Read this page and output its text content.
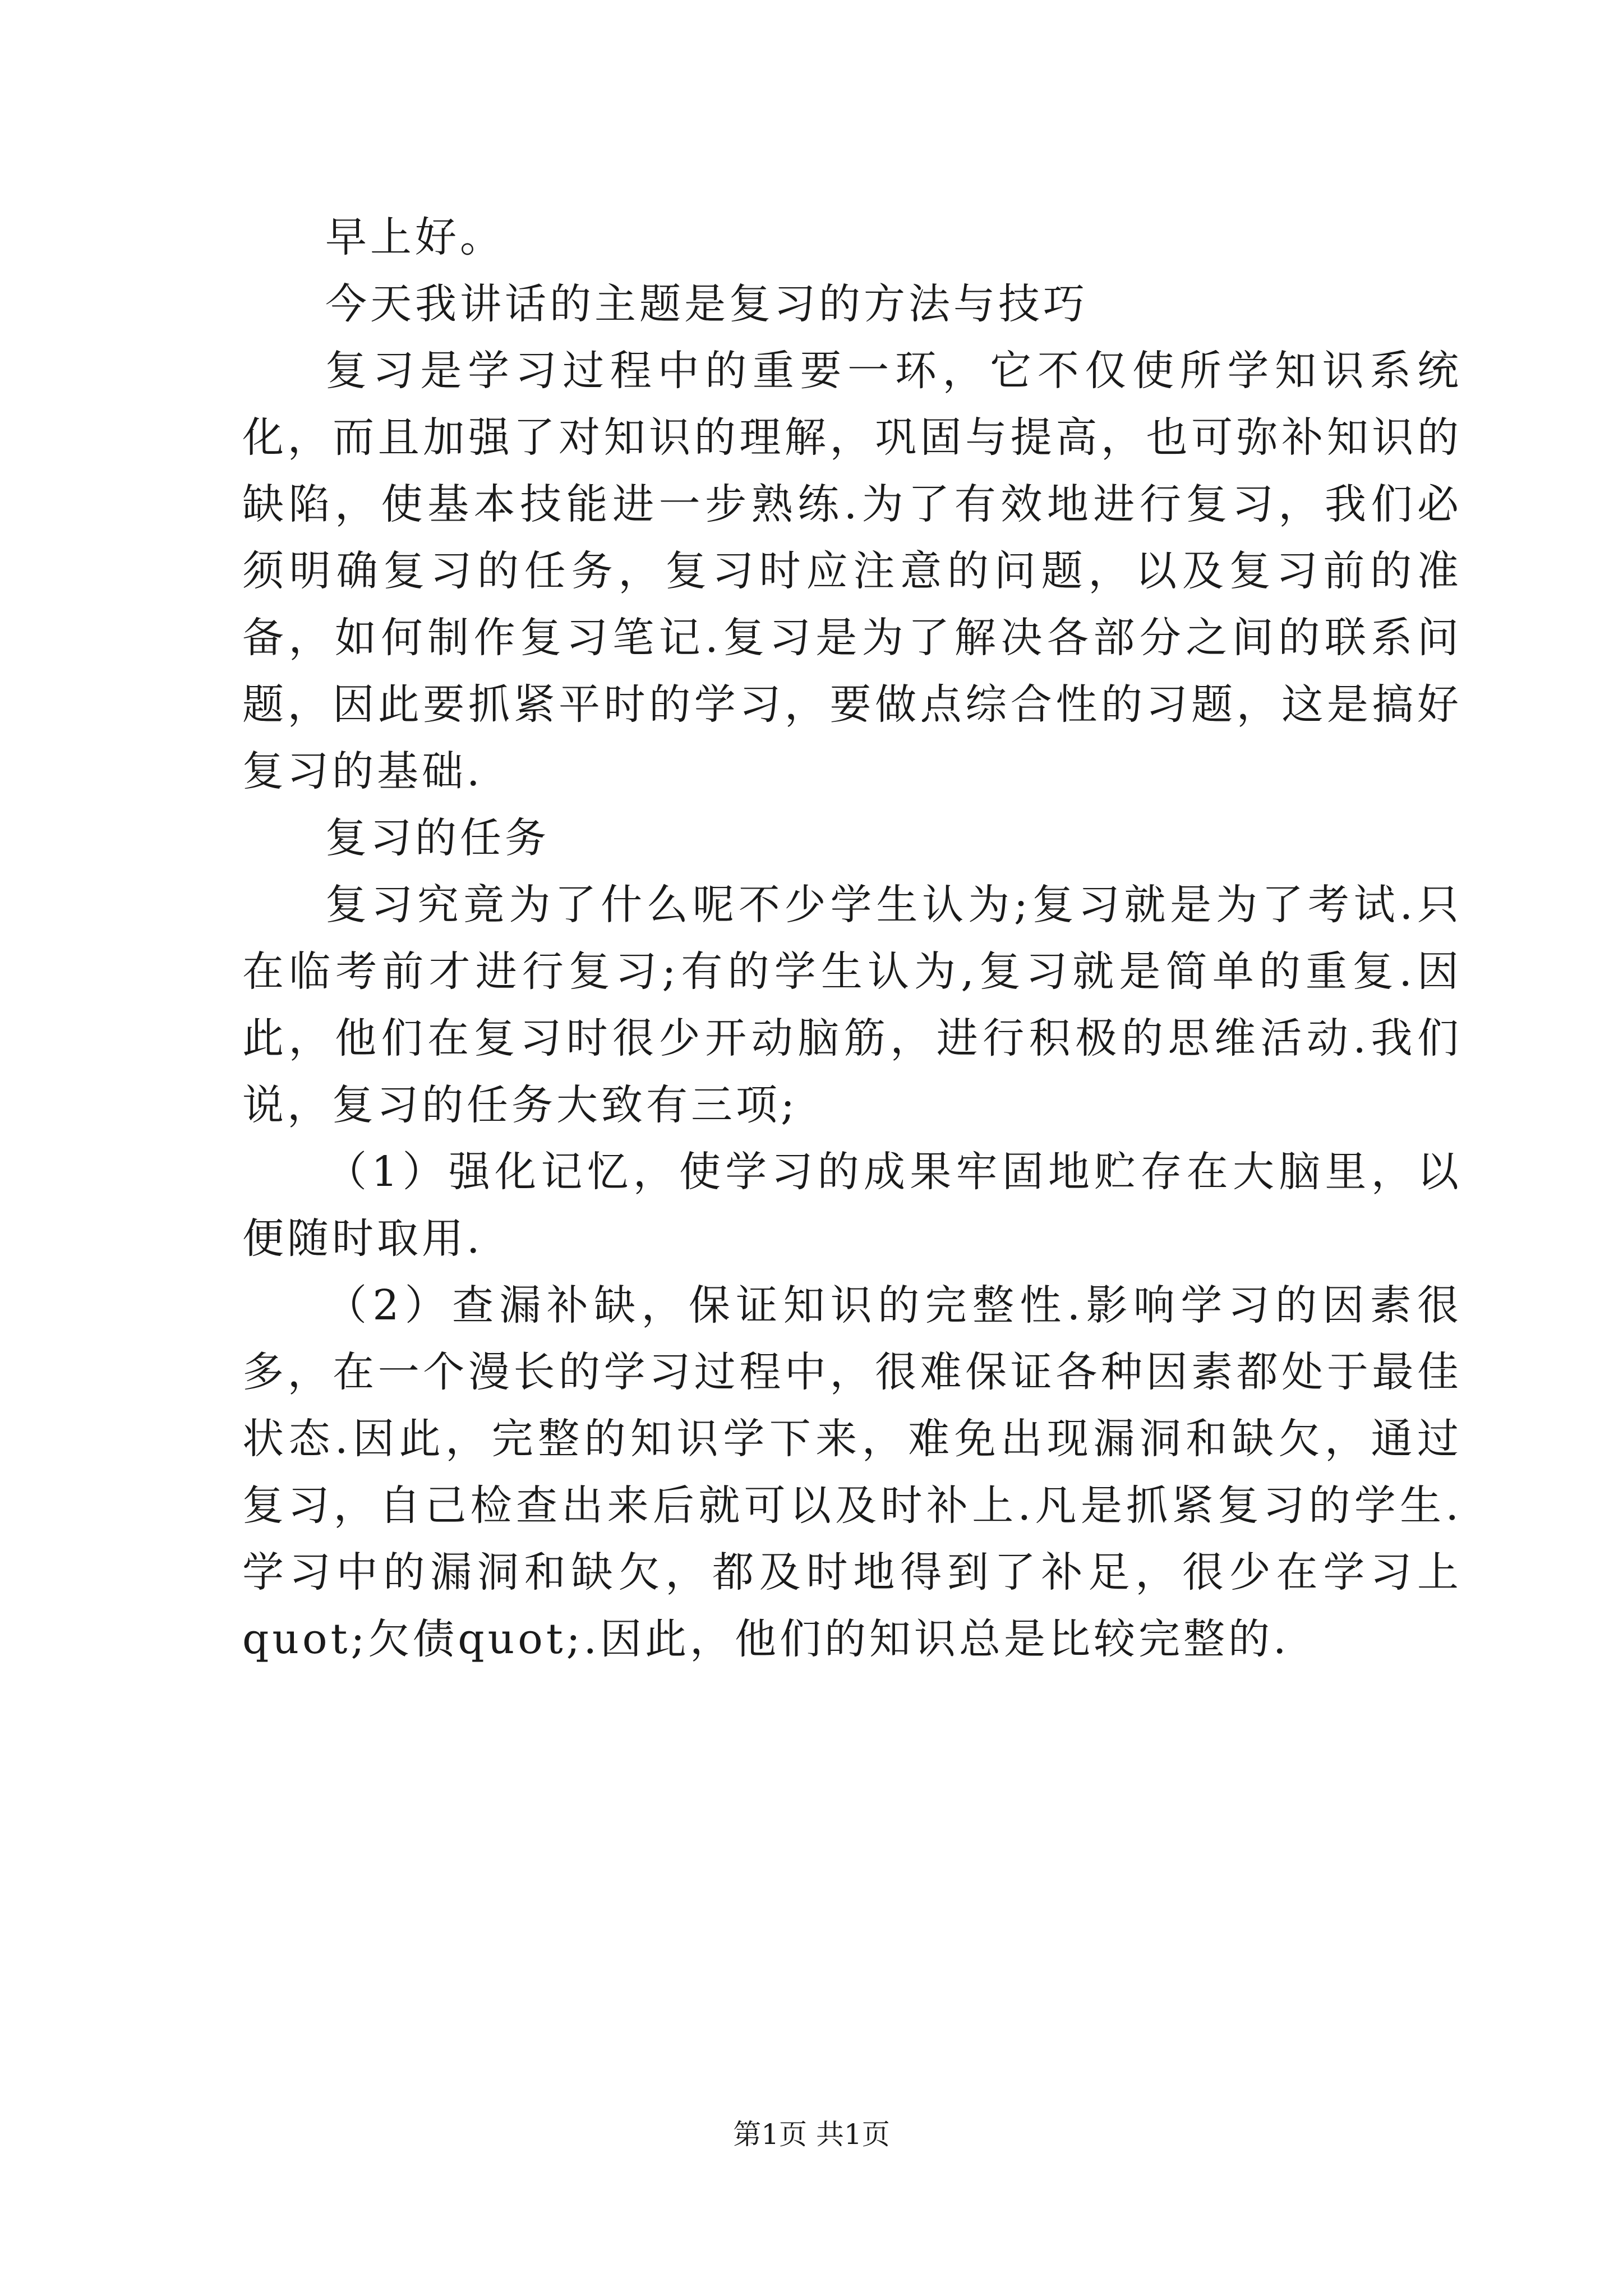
早上好。

今天我讲话的主题是复习的方法与技巧

复习是学习过程中的重要一环，它不仅使所学知识系统化，而且加强了对知识的理解，巩固与提高，也可弥补知识的缺陷，使基本技能进一步熟练.为了有效地进行复习，我们必须明确复习的任务，复习时应注意的问题，以及复习前的准备，如何制作复习笔记.复习是为了解决各部分之间的联系问题，因此要抓紧平时的学习，要做点综合性的习题，这是搞好复习的基础.

复习的任务

复习究竟为了什么呢不少学生认为;复习就是为了考试.只在临考前才进行复习;有的学生认为,复习就是简单的重复.因此，他们在复习时很少开动脑筋，进行积极的思维活动.我们说，复习的任务大致有三项;

（1）强化记忆，使学习的成果牢固地贮存在大脑里，以便随时取用.

（2）查漏补缺，保证知识的完整性.影响学习的因素很多，在一个漫长的学习过程中，很难保证各种因素都处于最佳状态.因此，完整的知识学下来，难免出现漏洞和缺欠，通过复习，自己检查出来后就可以及时补上.凡是抓紧复习的学生.学习中的漏洞和缺欠，都及时地得到了补足，很少在学习上quot;欠债quot;.因此，他们的知识总是比较完整的.

第1页 共1页
